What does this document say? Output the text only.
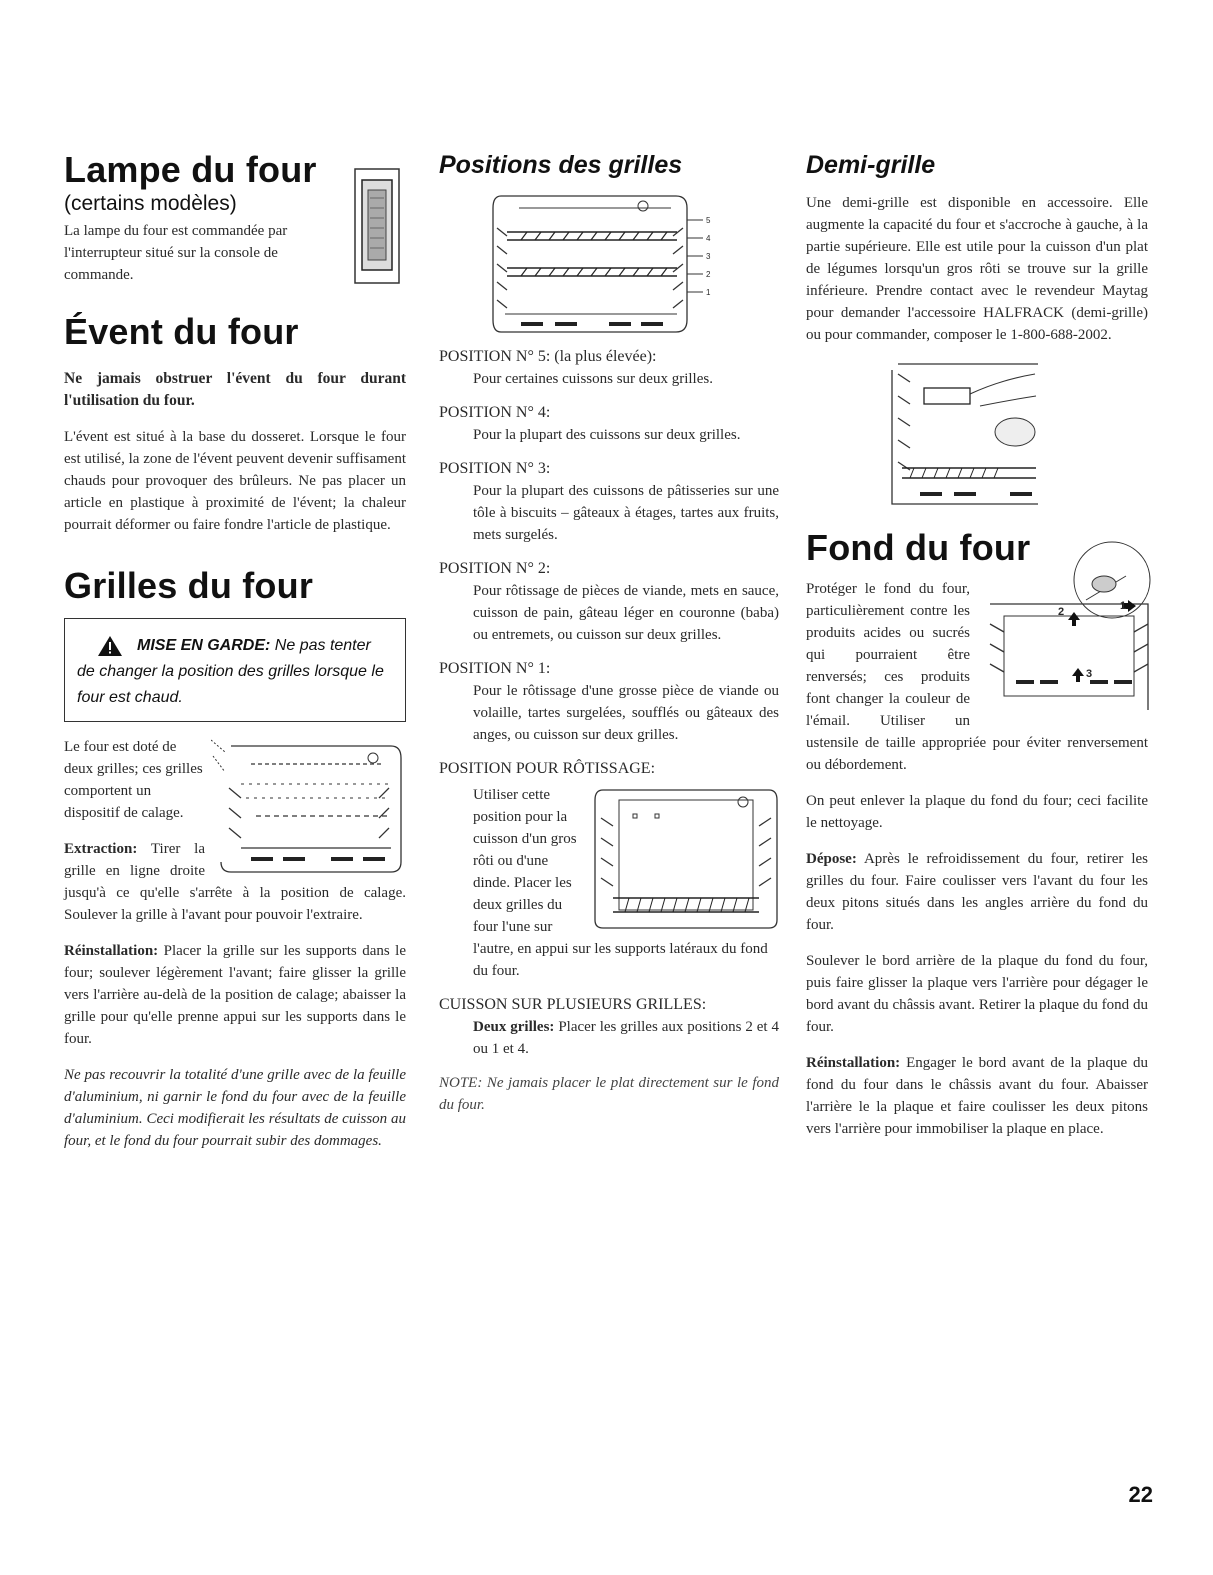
Lampe du four
(certains modèles)

La lampe du four est commandée par l'interrupteur situé sur la console de commande.

Évent du four

Ne jamais obstruer l'évent du four durant l'utilisation du four.

L'évent est situé à la base du dosseret. Lorsque le four est utilisé, la zone de l'évent peuvent devenir suffisament chauds pour provoquer des brûleurs. Ne pas placer un article en plastique à proximité de l'évent; la chaleur pourrait déformer ou faire fondre l'article de plastique.

Grilles du four
MISE EN GARDE: Ne pas tenter de changer la position des grilles lorsque le four est chaud.

Le four est doté de deux grilles; ces grilles comportent un dispositif de calage.

Extraction: Tirer la grille en ligne droite jusqu'à ce qu'elle s'arrête à la position de calage. Soulever la grille à l'avant pour pouvoir l'extraire.

Réinstallation: Placer la grille sur les supports dans le four; soulever légèrement l'avant; faire glisser la grille vers l'arrière au-delà de la position de calage; abaisser la grille pour qu'elle prenne appui sur les supports dans le four.

Ne pas recouvrir la totalité d'une grille avec de la feuille d'aluminium, ni garnir le fond du four avec de la feuille d'aluminium. Ceci modifierait les résultats de cuisson au four, et le fond du four pourrait subir des dommages.

Positions des grilles
5
4
3
2
1
POSITION N° 5: (la plus élevée):

Pour certaines cuissons sur deux grilles.

POSITION N° 4:

Pour la plupart des cuissons sur deux grilles.

POSITION N° 3:

Pour la plupart des cuissons de pâtisseries sur une tôle à biscuits – gâteaux à étages, tartes aux fruits, mets surgelés.

POSITION N° 2:

Pour rôtissage de pièces de viande, mets en sauce, cuisson de pain, gâteau léger en couronne (baba) ou entremets, ou cuisson sur deux grilles.

POSITION N° 1:

Pour le rôtissage d'une grosse pièce de viande ou volaille, tartes surgelées, soufflés ou gâteaux des anges, ou cuisson sur deux grilles.

POSITION POUR RÔTISSAGE:

Utiliser cette position pour la cuisson d'un gros rôti ou d'une dinde. Placer les deux grilles du four l'une sur l'autre, en appui sur les supports latéraux du fond du four.

CUISSON SUR PLUSIEURS GRILLES:

Deux grilles: Placer les grilles aux positions 2 et 4 ou 1 et 4.

NOTE: Ne jamais placer le plat directement sur le fond du four.

Demi-grille

Une demi-grille est disponible en accessoire. Elle augmente la capacité du four et s'accroche à gauche, à la partie supérieure. Elle est utile pour la cuisson d'un plat de légumes lorsqu'un gros rôti se trouve sur la grille inférieure. Prendre contact avec le revendeur Maytag pour demander l'accessoire HALFRACK (demi-grille) ou pour commander, composer le 1-800-688-2002.

Fond du four
2	1
3

Protéger le fond du four, particulièrement contre les produits acides ou sucrés qui pourraient être renversés; ces produits font changer la couleur de l'émail. Utiliser un ustensile de taille appropriée pour éviter renversement ou débordement.

On peut enlever la plaque du fond du four; ceci facilite le nettoyage.

Dépose: Après le refroidissement du four, retirer les grilles du four. Faire coulisser vers l'avant du four les deux pitons situés dans les angles arrière du fond du four.

Soulever le bord arrière de la plaque du fond du four, puis faire glisser la plaque vers l'arrière pour dégager le bord avant du châssis avant. Retirer la plaque du fond du four.

Réinstallation: Engager le bord avant de la plaque du fond du four dans le châssis avant du four. Abaisser l'arrière le la plaque et faire coulisser les deux pitons vers l'arrière pour immobiliser la plaque en place.

22
